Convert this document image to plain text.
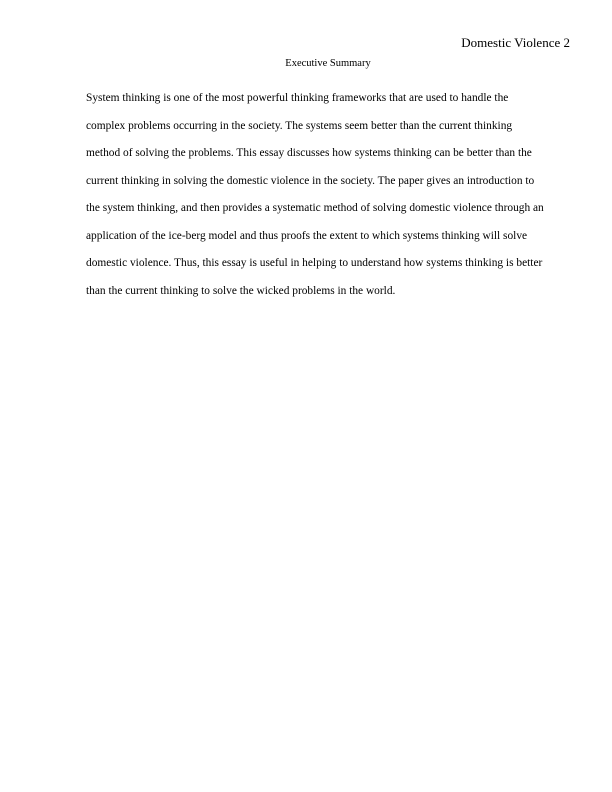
Domestic Violence 2
Executive Summary
System thinking is one of the most powerful thinking frameworks that are used to handle the
complex problems occurring in the society. The systems seem better than the current thinking
method of solving the problems. This essay discusses how systems thinking can be better than the
current thinking in solving the domestic violence in the society. The paper gives an introduction to
the system thinking, and then provides a systematic method of solving domestic violence through an
application of the ice-berg model and thus proofs the extent to which systems thinking will solve
domestic violence. Thus, this essay is useful in helping to understand how systems thinking is better
than the current thinking to solve the wicked problems in the world.
